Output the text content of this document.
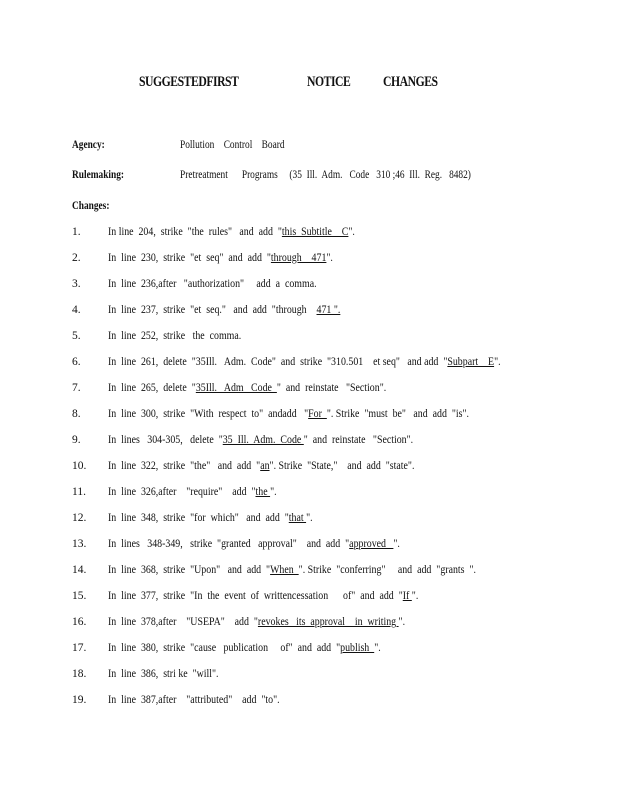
SUGGESTEDFIRST	NOTICE CHANGES
Agency:	Pollution    Control    Board
Rulemaking:	Pretreatment      Programs     (35  Ill.  Adm.   Code   310 ;46  Ill.  Reg.   8482)
Changes:
1. In line  204,  strike  "the  rules"   and  add  "this  Subtitle    C".
2. In  line  230,  strike  "et  seq"  and  add  "through    471".
3. In  line  236,after   "authorization"     add  a  comma.
4. In  line  237,  strike  "et  seq."   and  add  "through    471 ".
5. In  line  252,  strike   the  comma.
6. In  line  261,  delete  "35Ill.   Adm.  Code"  and  strike  "310.501    et seq"   and add  "Subpart    E".
7. In  line  265,  delete  "35Ill.   Adm   Code  "  and  reinstate   "Section".
8. In  line  300,  strike  "With  respect  to"  andadd   "For  ". Strike  "must  be"   and  add  "is".
9. In  lines   304-305,   delete  "35  Ill.  Adm.  Code "  and  reinstate   "Section".
10. In  line  322,  strike  "the"   and  add  "an". Strike  "State,"    and  add  "state".
11. In  line  326,after    "require"    add  "the ".
12. In  line  348,  strike  "for  which"   and  add  "that ".
13. In  lines   348-349,   strike  "granted   approval"    and  add  "approved   ".
14. In  line  368,  strike  "Upon"   and  add  "When  ". Strike  "conferring"     and  add  "grants  ".
15. In  line  377,  strike  "In  the  event  of  writtencessation      of"  and  add  "If ".
16. In  line  378,after    "USEPA"    add  "revokes   its  approval    in  writing ".
17. In  line  380,  strike  "cause   publication     of"  and  add  "publish  ".
18. In  line  386,  stri ke  "will".
19. In  line  387,after    "attributed"    add  "to".
